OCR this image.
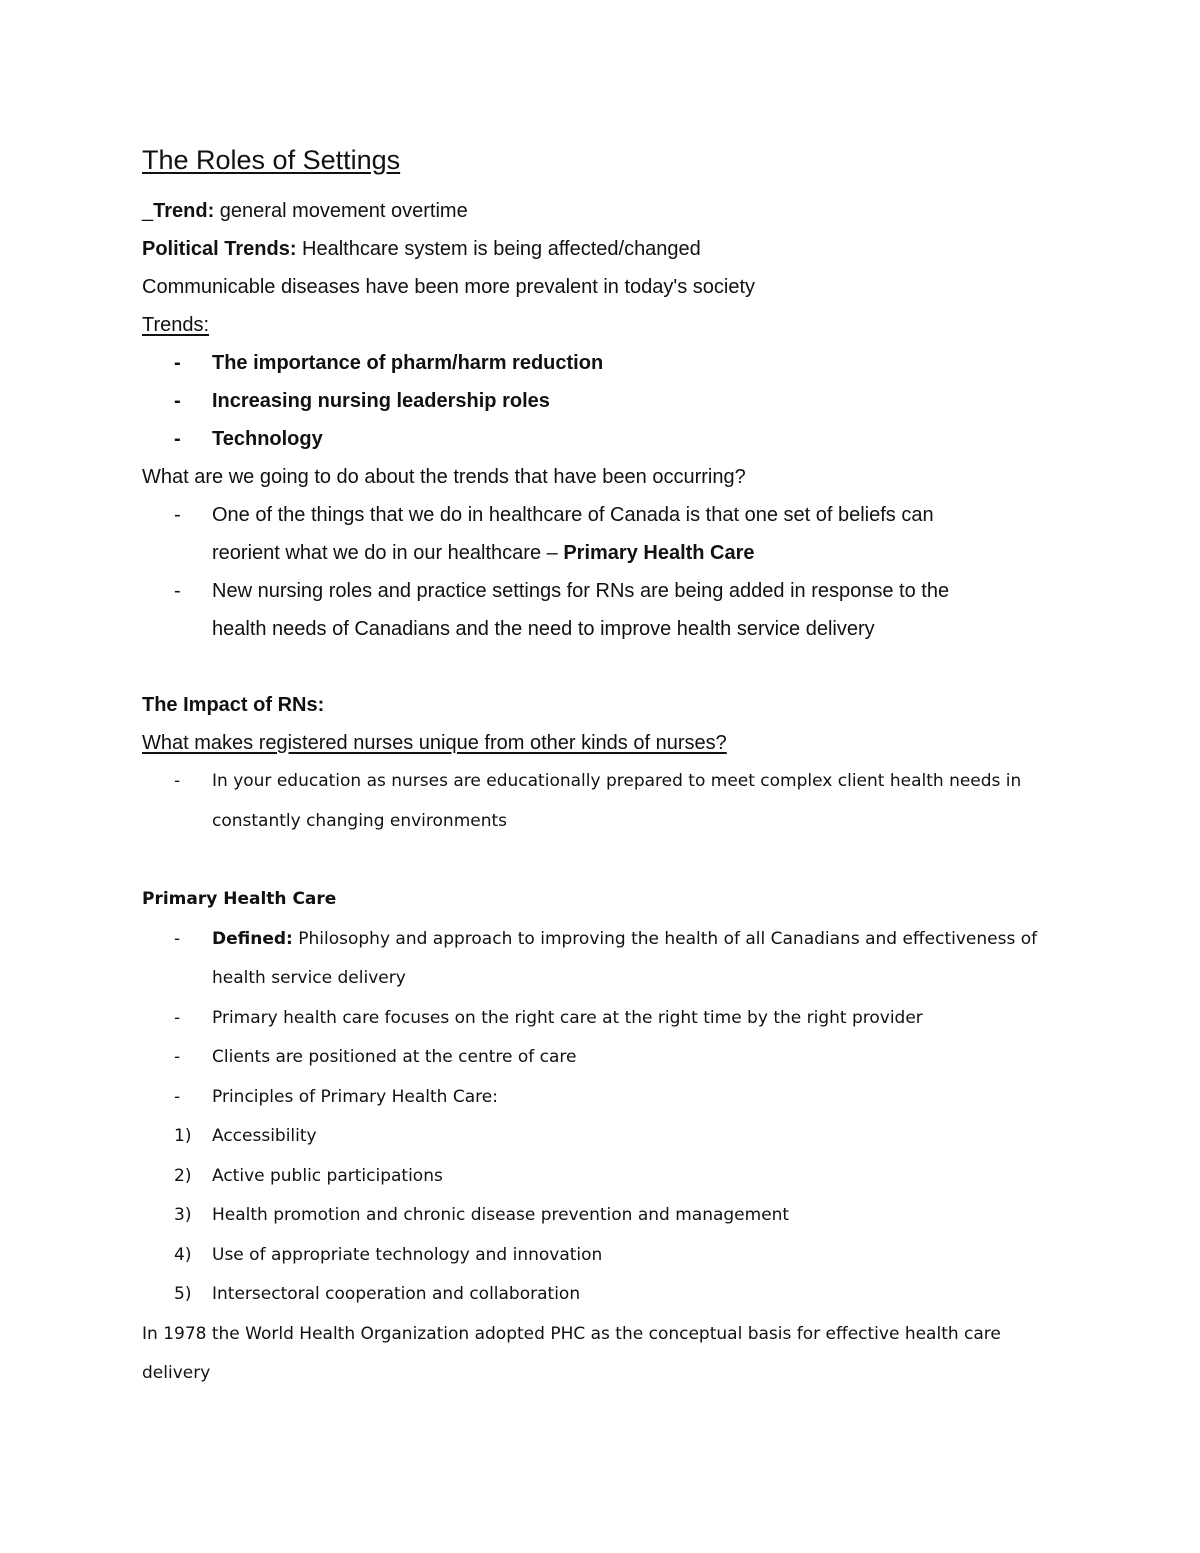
The Roles of Settings
_Trend: general movement overtime
Political Trends: Healthcare system is being affected/changed
Communicable diseases have been more prevalent in today's society
Trends:
- The importance of pharm/harm reduction
- Increasing nursing leadership roles
- Technology
What are we going to do about the trends that have been occurring?
- One of the things that we do in healthcare of Canada is that one set of beliefs can
reorient what we do in our healthcare – Primary Health Care
- New nursing roles and practice settings for RNs are being added in response to the
health needs of Canadians and the need to improve health service delivery
The Impact of RNs:
What makes registered nurses unique from other kinds of nurses?
- In your education as nurses are educationally prepared to meet complex client health needs in
constantly changing environments
Primary Health Care
- Defined: Philosophy and approach to improving the health of all Canadians and effectiveness of
health service delivery
- Primary health care focuses on the right care at the right time by the right provider
- Clients are positioned at the centre of care
- Principles of Primary Health Care:
1) Accessibility
2) Active public participations
3) Health promotion and chronic disease prevention and management
4) Use of appropriate technology and innovation
5) Intersectoral cooperation and collaboration
In 1978 the World Health Organization adopted PHC as the conceptual basis for effective health care
delivery
